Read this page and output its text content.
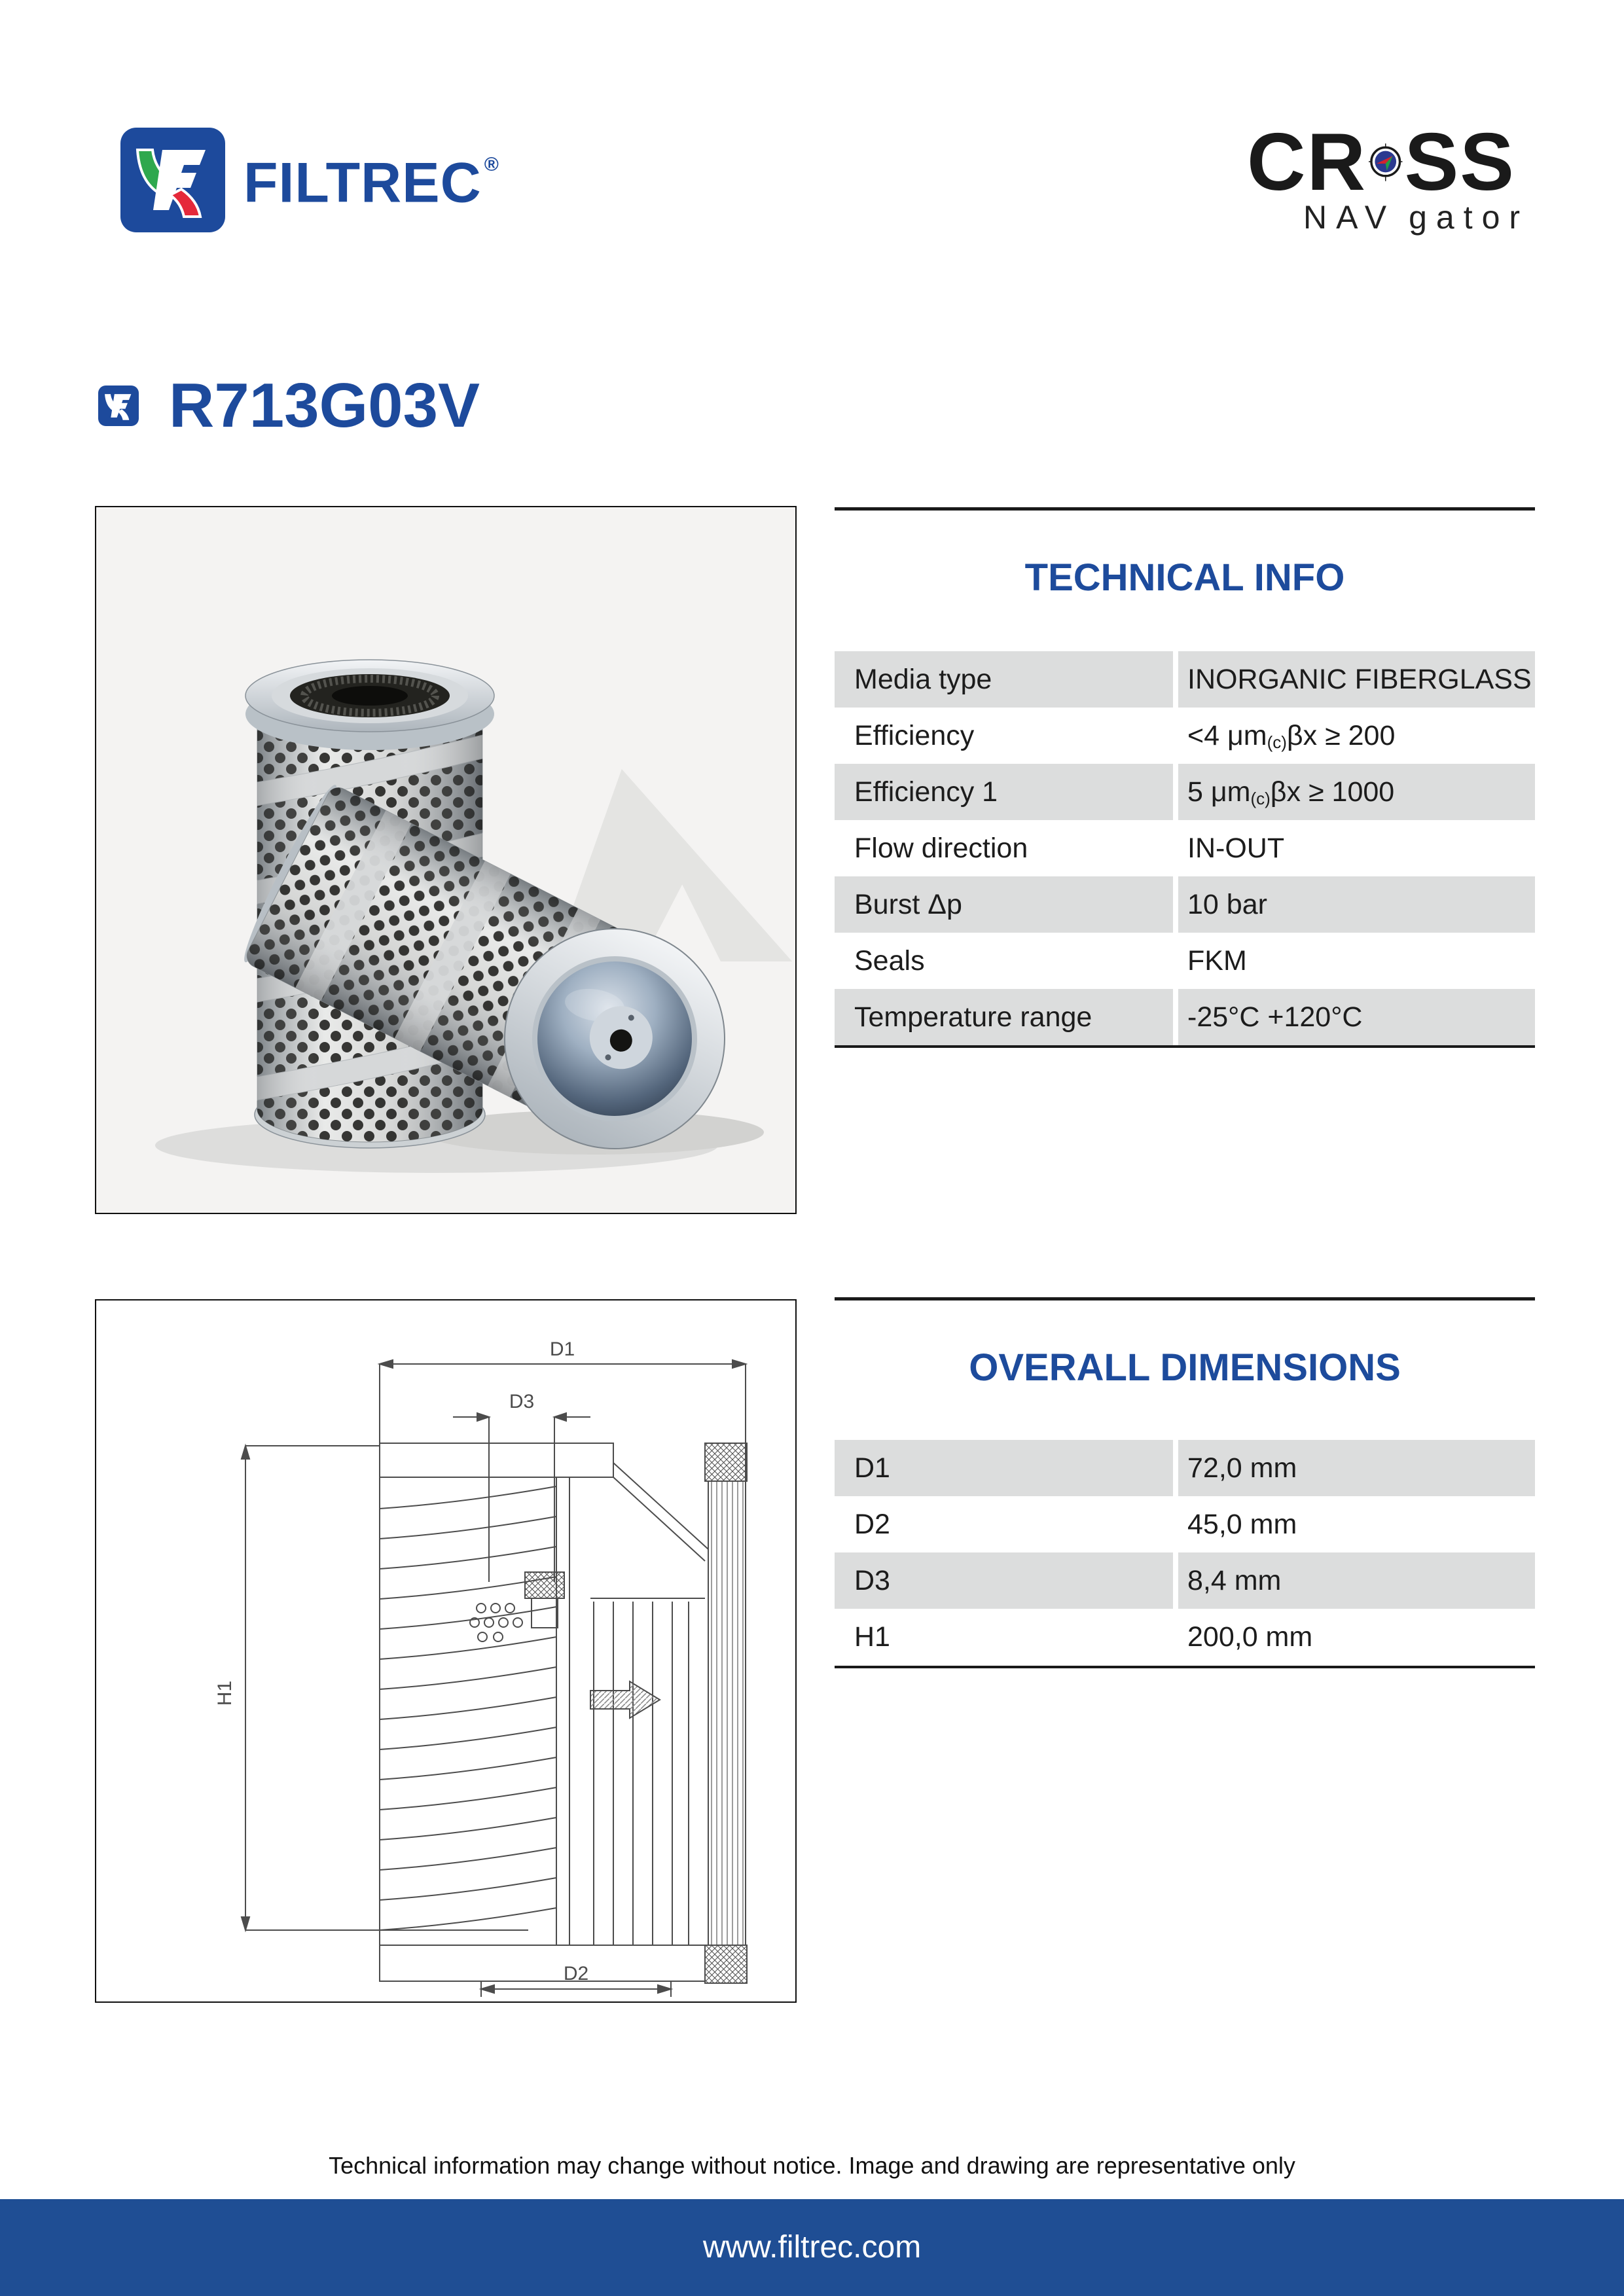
FILTREC ®	CR SS
NAV gator
R713G03V
TECHNICAL INFO
Media type	INORGANIC FIBERGLASS
Efficiency	<4 $\mu m_{(c)}$ βx ≥ 200
Efficiency 1	5 $\mu m_{(c)}$ βx ≥ 1000
Flow direction	IN-OUT
Burst Δp	10 bar
Seals	FKM
Temperature range	-25°C +120°C
D1
D3
H1
D2
OVERALL DIMENSIONS
D1	72,0 mm
D2	45,0 mm
D3	8,4 mm
H1	200,0 mm
Technical information may change without notice. Image and drawing are representative only
www.filtrec.com
